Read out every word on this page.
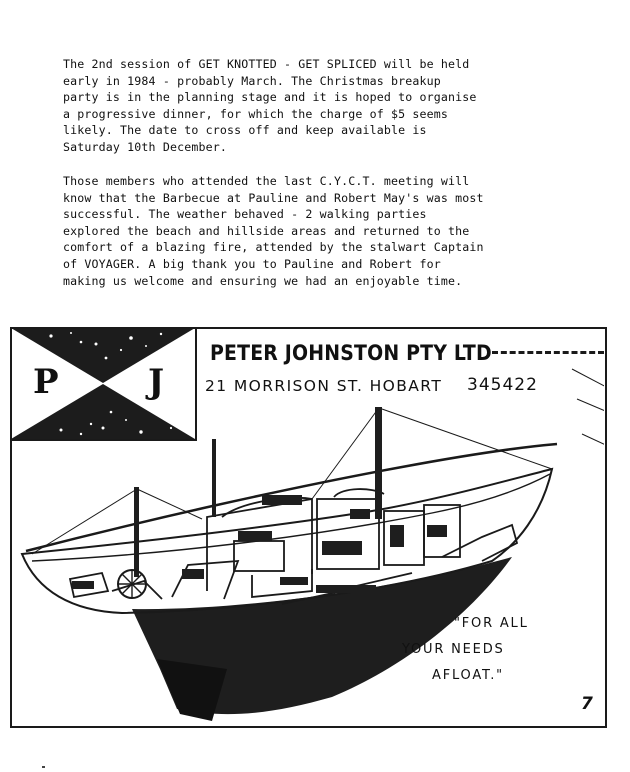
The 2nd session of GET KNOTTED - GET SPLICED will be held
early in 1984 - probably March. The Christmas breakup
party is in the planning stage and it is hoped to organise
a progressive dinner, for which the charge of $5 seems
likely. The date to cross off and keep available is
Saturday 10th December.

Those members who attended the last C.Y.C.T. meeting will
know that the Barbecue at Pauline and Robert May's was most
successful. The weather behaved - 2 walking parties
explored the beach and hillside areas and returned to the
comfort of a blazing fire, attended by the stalwart Captain
of VOYAGER. A big thank you to Pauline and Robert for
making us welcome and ensuring we had an enjoyable time.

P	J
PETER JOHNSTON PTY LTD
21 MORRISON ST. HOBART 345422
"FOR ALL
YOUR NEEDS
AFLOAT."
7
